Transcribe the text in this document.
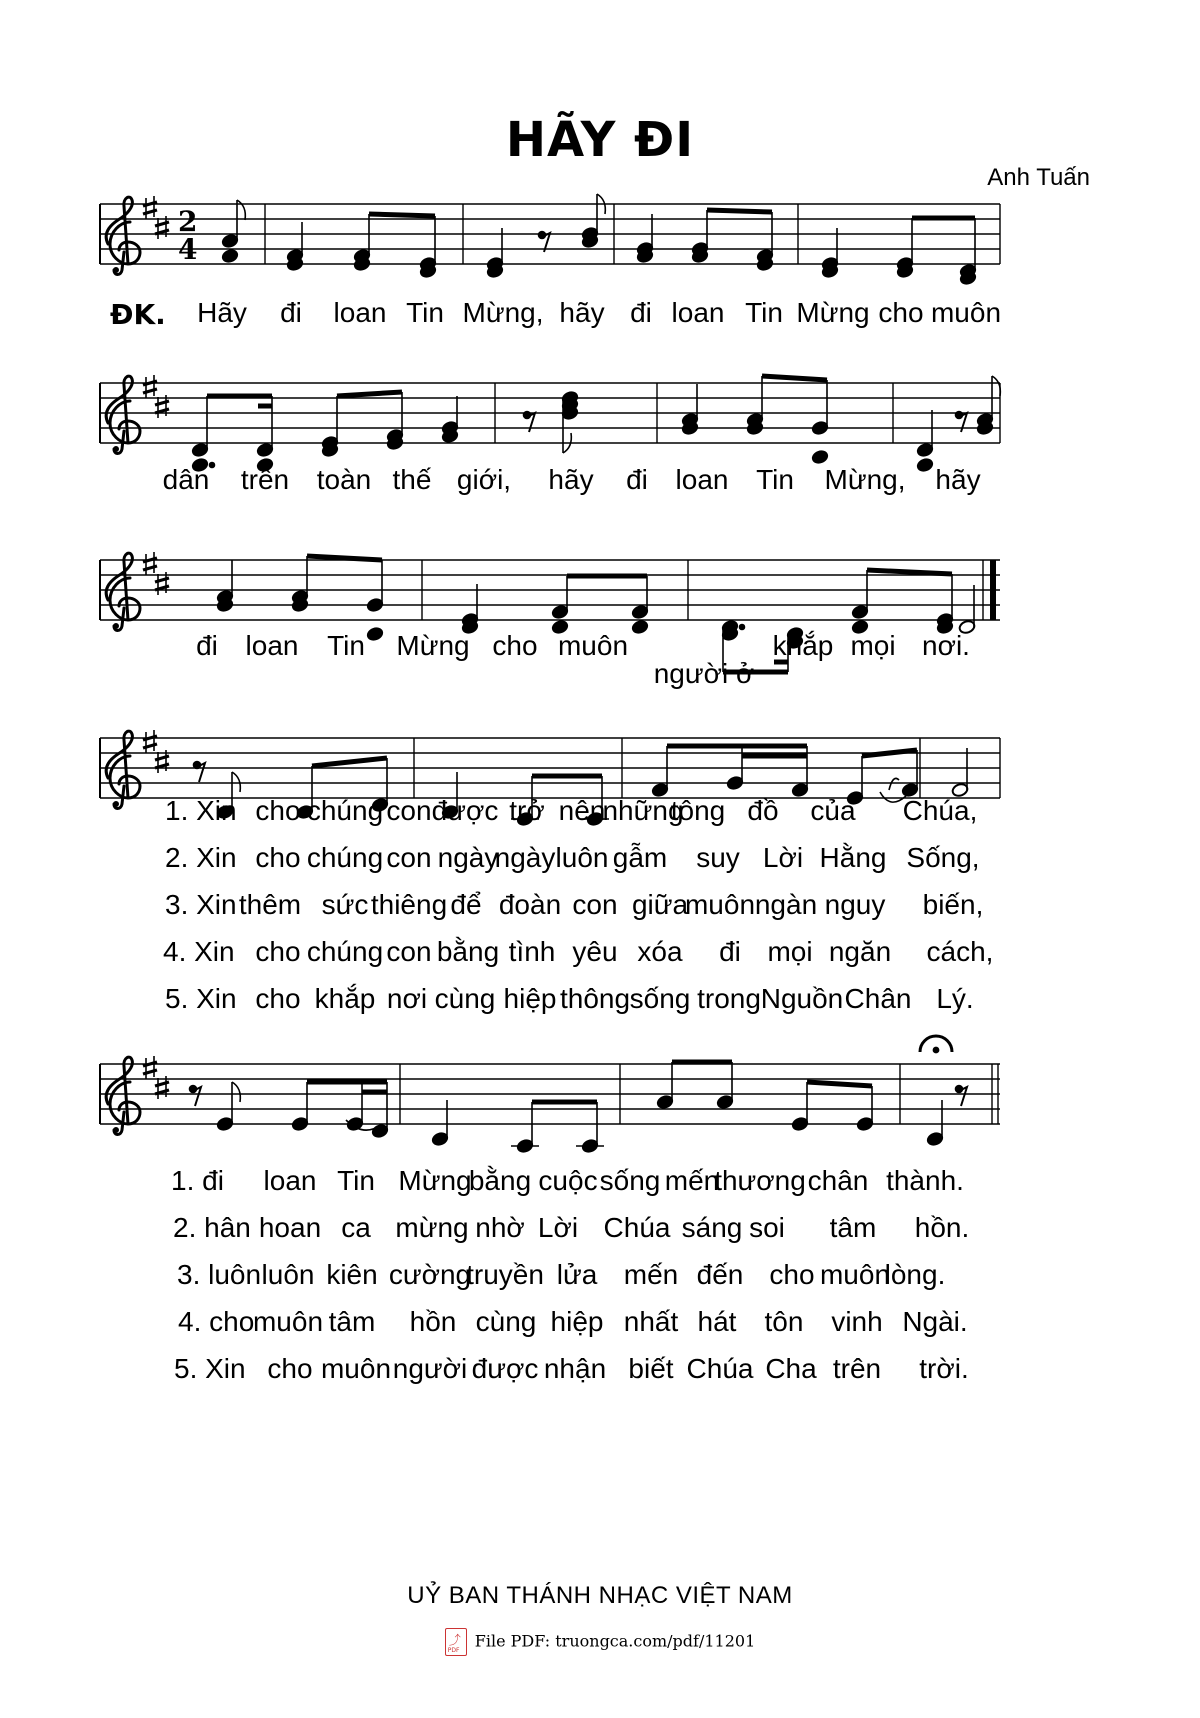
HÃY ĐI
Anh Tuấn
2
4
ĐK. Hãy đi loan Tin Mừng, hãy đi loan Tin Mừng cho muôn
dân trên toàn thế giới, hãy đi loan Tin Mừng, hãy
đi loan Tin Mừng cho muôn
người ở
khắp mọi nơi.
1. Xin cho chúng con được trở nên
những
tông đồ của Chúa,
2. Xin cho chúng con ngày
ngày luôn gẫm suy Lời Hằng Sống,
3. Xin thêm sức thiêng để đoàn con giữa
muôn ngàn nguy biến,
4. Xin cho chúng con bằng tình yêu xóa đi mọi ngăn cách,
5. Xin cho khắp nơi cùng hiệp thông sống trong Nguồn Chân Lý.
1. đi loan Tin Mừng
bằng cuộc sống mến
thương chân thành.
2. hân hoan ca mừng nhờ Lời Chúa sáng soi tâm hồn.
3. luôn luôn kiên cường
truyền lửa mến đến cho muôn
lòng.
4. cho
muôn tâm hồn cùng hiệp nhất hát tôn vinh Ngài.
5. Xin cho muôn người được nhận biết Chúa Cha trên trời.
UỶ BAN THÁNH NHẠC VIỆT NAM
⤴
PDF File PDF: truongca.com/pdf/11201
